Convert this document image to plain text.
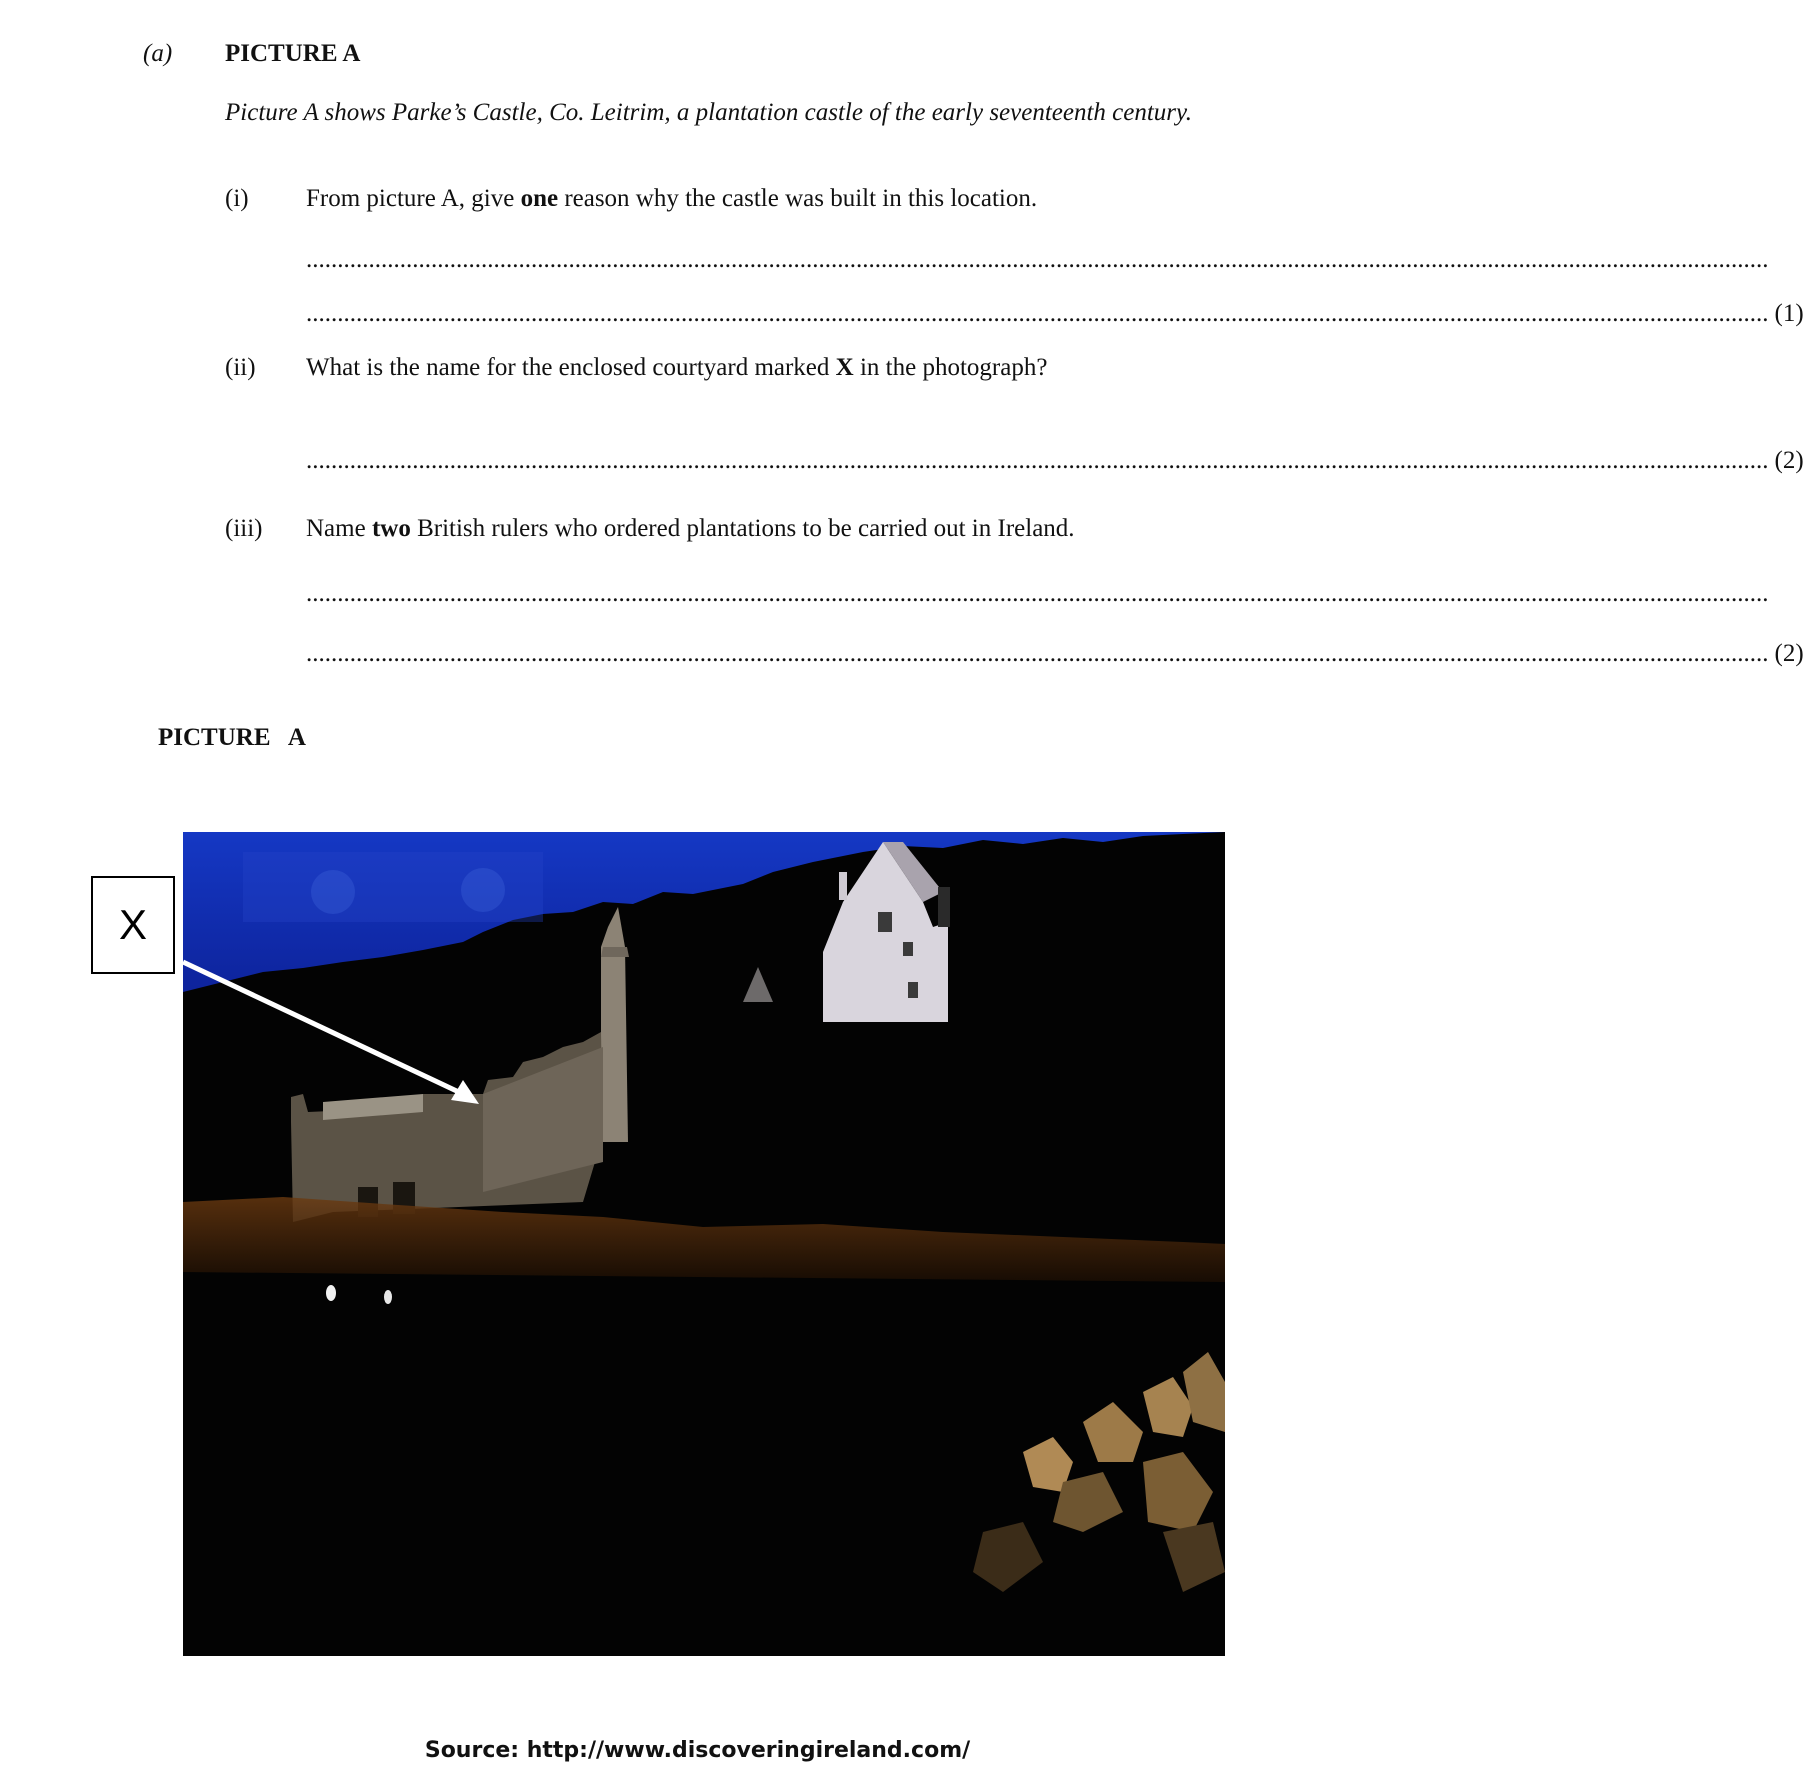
(a) PICTURE A
Picture A shows Parke’s Castle, Co. Leitrim, a plantation castle of the early seventeenth century.
(i) From picture A, give one reason why the castle was built in this location.
..........................................................................................................................................................................................................................................
.......................................................................................................................................................................................................................................... (1)
(ii) What is the name for the enclosed courtyard marked X in the photograph?
.......................................................................................................................................................................................................................................... (2)
(iii) Name two British rulers who ordered plantations to be carried out in Ireland.
..........................................................................................................................................................................................................................................
.......................................................................................................................................................................................................................................... (2)
PICTURE   A
X
Source: http://www.discoveringireland.com/
